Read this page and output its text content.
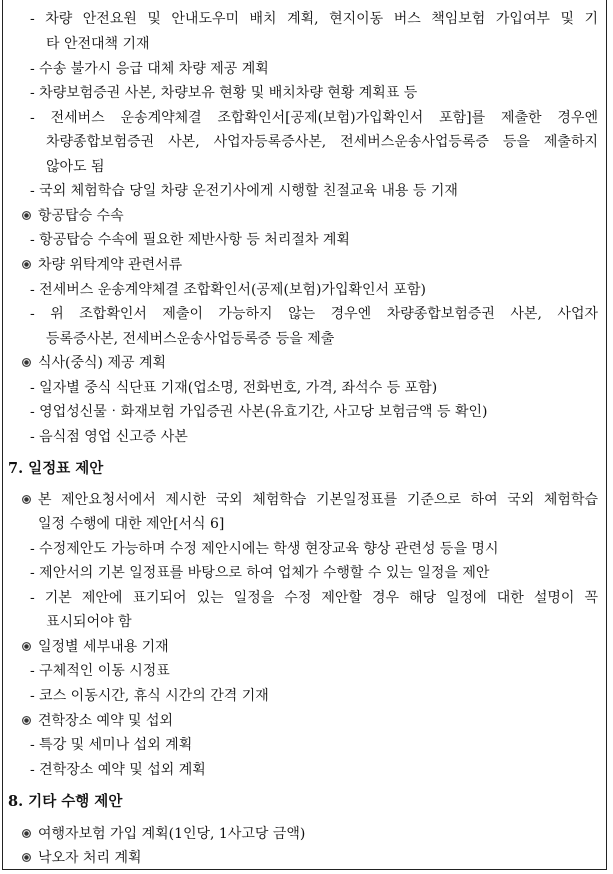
- 차량 안전요원 및 안내도우미 배치 계획, 현지이동 버스 책임보험 가입여부 및 기
타 안전대책 기재
- 수송 불가시 응급 대체 차량 제공 계획
- 차량보험증권 사본, 차량보유 현황 및 배치차량 현황 계획표 등
- 전세버스 운송계약체결 조합확인서[공제(보험)가입확인서 포함]를 제출한 경우엔
차량종합보험증권 사본, 사업자등록증사본, 전세버스운송사업등록증 등을 제출하지
않아도 됨
- 국외 체험학습 당일 차량 운전기사에게 시행할 친절교육 내용 등 기재
항공탑승 수속
- 항공탑승 수속에 필요한 제반사항 등 처리절차 계획
차량 위탁계약 관련서류
- 전세버스 운송계약체결 조합확인서(공제(보험)가입확인서 포함)
- 위 조합확인서 제출이 가능하지 않는 경우엔 차량종합보험증권 사본, 사업자
등록증사본, 전세버스운송사업등록증 등을 제출
식사(중식) 제공 계획
- 일자별 중식 식단표 기재(업소명, 전화번호, 가격, 좌석수 등 포함)
- 영업성신물‧화재보험 가입증권 사본(유효기간, 사고당 보험금액 등 확인)
- 음식점 영업 신고증 사본
7. 일정표 제안
본 제안요청서에서 제시한 국외 체험학습 기본일정표를 기준으로 하여 국외 체험학습
일정 수행에 대한 제안[서식 6]
- 수정제안도 가능하며 수정 제안시에는 학생 현장교육 향상 관련성 등을 명시
- 제안서의 기본 일정표를 바탕으로 하여 업체가 수행할 수 있는 일정을 제안
- 기본 제안에 표기되어 있는 일정을 수정 제안할 경우 해당 일정에 대한 설명이 꼭
표시되어야 함
일정별 세부내용 기재
- 구체적인 이동 시정표
- 코스 이동시간, 휴식 시간의 간격 기재
견학장소 예약 및 섭외
- 특강 및 세미나 섭외 계획
- 견학장소 예약 및 섭외 계획
8. 기타 수행 제안
여행자보험 가입 계획(1인당, 1사고당 금액)
낙오자 처리 계획
